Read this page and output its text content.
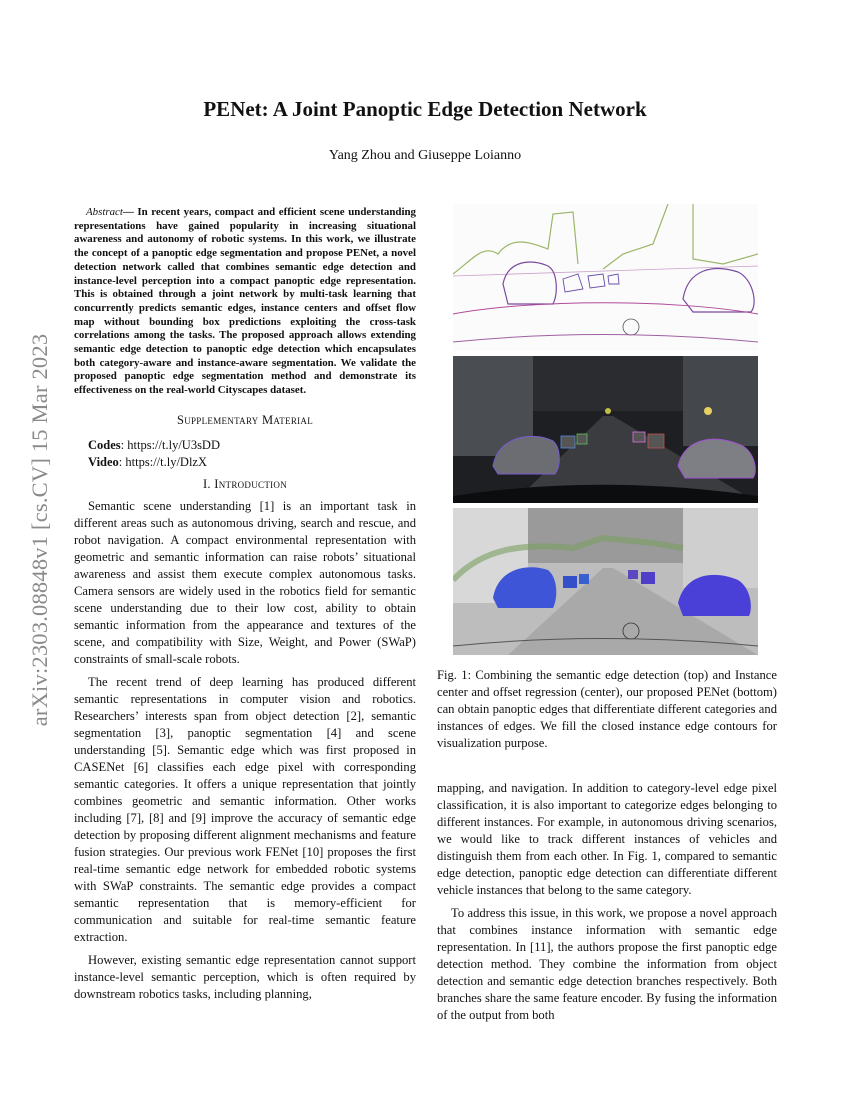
arXiv:2303.08848v1 [cs.CV] 15 Mar 2023
PENet: A Joint Panoptic Edge Detection Network
Yang Zhou and Giuseppe Loianno

Abstract— In recent years, compact and efficient scene understanding representations have gained popularity in increasing situational awareness and autonomy of robotic systems. In this work, we illustrate the concept of a panoptic edge segmentation and propose PENet, a novel detection network called that combines semantic edge detection and instance-level perception into a compact panoptic edge representation. This is obtained through a joint network by multi-task learning that concurrently predicts semantic edges, instance centers and offset flow map without bounding box predictions exploiting the cross-task correlations among the tasks. The proposed approach allows extending semantic edge detection to panoptic edge detection which encapsulates both category-aware and instance-aware segmentation. We validate the proposed panoptic edge segmentation method and demonstrate its effectiveness on the real-world Cityscapes dataset.

Supplementary Material

Codes: https://t.ly/U3sDD
Video: https://t.ly/DlzX

I. Introduction

Semantic scene understanding [1] is an important task in different areas such as autonomous driving, search and rescue, and robot navigation. A compact environmental representation with geometric and semantic information can raise robots’ situational awareness and assist them execute complex autonomous tasks. Camera sensors are widely used in the robotics field for semantic scene understanding due to their low cost, ability to obtain semantic information from the appearance and textures of the scene, and compatibility with Size, Weight, and Power (SWaP) constraints of small-scale robots.

The recent trend of deep learning has produced different semantic representations in computer vision and robotics. Researchers’ interests span from object detection [2], semantic segmentation [3], panoptic segmentation [4] and scene understanding [5]. Semantic edge which was first proposed in CASENet [6] classifies each edge pixel with corresponding semantic categories. It offers a unique representation that jointly combines geometric and semantic information. Other works including [7], [8] and [9] improve the accuracy of semantic edge detection by proposing different alignment mechanisms and feature fusion strategies. Our previous work FENet [10] proposes the first real-time semantic edge network for embedded robotic systems with SWaP constraints. The semantic edge provides a compact semantic representation that is memory-efficient for communication and suitable for real-time semantic feature extraction.

However, existing semantic edge representation cannot support instance-level semantic perception, which is often required by downstream robotics tasks, including planning,

Fig. 1: Combining the semantic edge detection (top) and Instance center and offset regression (center), our proposed PENet (bottom) can obtain panoptic edges that differentiate different categories and instances of edges. We fill the closed instance edge contours for visualization purpose.

mapping, and navigation. In addition to category-level edge pixel classification, it is also important to categorize edges belonging to different instances. For example, in autonomous driving scenarios, we would like to track different instances of vehicles and distinguish them from each other. In Fig. 1, compared to semantic edge detection, panoptic edge detection can differentiate different vehicle instances that belong to the same category.

To address this issue, in this work, we propose a novel approach that combines instance information with semantic edge representation. In [11], the authors propose the first panoptic edge detection method. They combine the information from object detection and semantic edge detection branches respectively. Both branches share the same feature encoder. By fusing the information of the output from both
